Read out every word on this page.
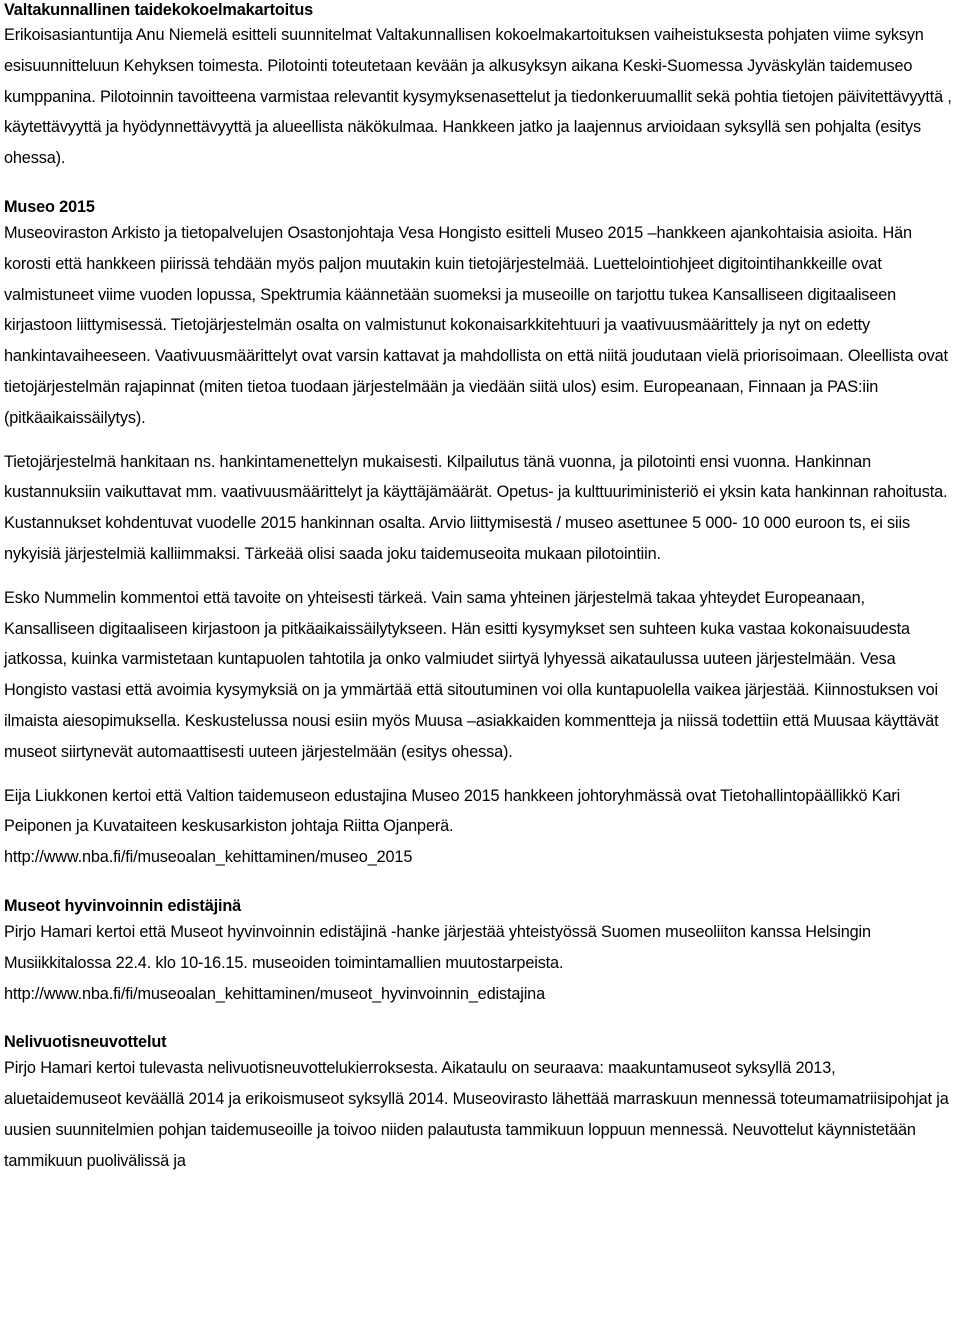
Valtakunnallinen taidekokoelmakartoitus

Erikoisasiantuntija Anu Niemelä esitteli suunnitelmat Valtakunnallisen kokoelmakartoituksen vaiheistuksesta pohjaten viime syksyn esisuunnitteluun Kehyksen toimesta. Pilotointi toteutetaan kevään ja alkusyksyn aikana Keski-Suomessa Jyväskylän taidemuseo kumppanina. Pilotoinnin tavoitteena varmistaa relevantit kysymyksenasettelut ja tiedonkeruumallit sekä pohtia tietojen päivitettävyyttä , käytettävyyttä ja hyödynnettävyyttä ja alueellista näkökulmaa. Hankkeen jatko ja laajennus arvioidaan syksyllä sen pohjalta (esitys ohessa).

Museo 2015

Museoviraston Arkisto ja tietopalvelujen Osastonjohtaja Vesa Hongisto esitteli Museo 2015 –hankkeen ajankohtaisia asioita. Hän korosti että hankkeen piirissä tehdään myös paljon muutakin kuin tietojärjestelmää. Luettelointiohjeet digitointihankkeille ovat valmistuneet viime vuoden lopussa, Spektrumia käännetään suomeksi ja museoille on tarjottu tukea Kansalliseen digitaaliseen kirjastoon liittymisessä. Tietojärjestelmän osalta on valmistunut kokonaisarkkitehtuuri ja vaativuusmäärittely ja nyt on edetty hankintavaiheeseen. Vaativuusmäärittelyt ovat varsin kattavat ja mahdollista on että niitä joudutaan vielä priorisoimaan. Oleellista ovat tietojärjestelmän rajapinnat (miten tietoa tuodaan järjestelmään ja viedään siitä ulos) esim. Europeanaan, Finnaan ja PAS:iin (pitkäaikaissäilytys).

Tietojärjestelmä hankitaan ns. hankintamenettelyn mukaisesti. Kilpailutus tänä vuonna, ja pilotointi ensi vuonna. Hankinnan kustannuksiin vaikuttavat mm. vaativuusmäärittelyt ja käyttäjämäärät. Opetus- ja kulttuuriministeriö ei yksin kata hankinnan rahoitusta. Kustannukset kohdentuvat vuodelle 2015 hankinnan osalta. Arvio liittymisestä / museo asettunee 5 000- 10 000 euroon ts, ei siis nykyisiä järjestelmiä kalliimmaksi. Tärkeää olisi saada joku taidemuseoita mukaan pilotointiin.

Esko Nummelin kommentoi että tavoite on yhteisesti tärkeä. Vain sama yhteinen järjestelmä takaa yhteydet Europeanaan, Kansalliseen digitaaliseen kirjastoon ja pitkäaikaissäilytykseen. Hän esitti kysymykset sen suhteen kuka vastaa kokonaisuudesta jatkossa, kuinka varmistetaan kuntapuolen tahtotila ja onko valmiudet siirtyä lyhyessä aikataulussa uuteen järjestelmään. Vesa Hongisto vastasi että avoimia kysymyksiä on ja ymmärtää että sitoutuminen voi olla kuntapuolella vaikea järjestää. Kiinnostuksen voi ilmaista aiesopimuksella. Keskustelussa nousi esiin myös Muusa –asiakkaiden kommentteja ja niissä todettiin että Muusaa käyttävät museot siirtynevät automaattisesti uuteen järjestelmään (esitys ohessa).

Eija Liukkonen kertoi että Valtion taidemuseon edustajina Museo 2015 hankkeen johtoryhmässä ovat Tietohallintopäällikkö Kari Peiponen ja Kuvataiteen keskusarkiston johtaja Riitta Ojanperä.

http://www.nba.fi/fi/museoalan_kehittaminen/museo_2015
Museot hyvinvoinnin edistäjinä

Pirjo Hamari kertoi että Museot hyvinvoinnin edistäjinä -hanke järjestää yhteistyössä Suomen museoliiton kanssa Helsingin Musiikkitalossa 22.4. klo 10-16.15. museoiden toimintamallien muutostarpeista.

http://www.nba.fi/fi/museoalan_kehittaminen/museot_hyvinvoinnin_edistajina
Nelivuotisneuvottelut

Pirjo Hamari kertoi tulevasta nelivuotisneuvottelukierroksesta. Aikataulu on seuraava: maakuntamuseot syksyllä 2013, aluetaidemuseot keväällä 2014 ja erikoismuseot syksyllä 2014. Museovirasto lähettää marraskuun mennessä toteumamatriisipohjat ja uusien suunnitelmien pohjan taidemuseoille ja toivoo niiden palautusta tammikuun loppuun mennessä. Neuvottelut käynnistetään tammikuun puolivälissä ja
